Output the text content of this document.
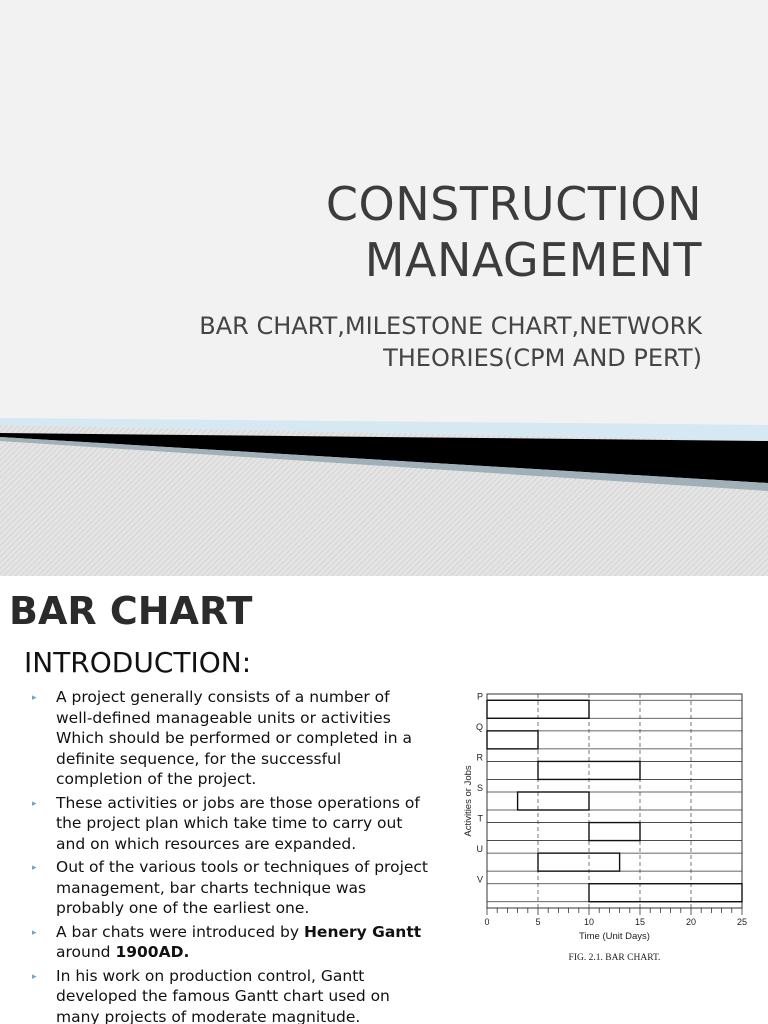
CONSTRUCTION
MANAGEMENT
BAR CHART,MILESTONE CHART,NETWORK
THEORIES(CPM AND PERT)
BAR CHART
INTRODUCTION:
▸ A project generally consists of a number of well-defined manageable units or activities Which should be performed or completed in a definite sequence, for the successful completion of the project.
▸ These activities or jobs are those operations of the project plan which take time to carry out and on which resources are expanded.
▸ Out of the various tools or techniques of project management, bar charts technique was probably one of the earliest one.
▸ A bar chats were introduced by Henery Gantt around 1900AD.
▸ In his work on production control, Gantt developed the famous Gantt chart used on many projects of moderate magnitude.
P
Q
R
S
T
U
V
0	5	10	15	20	25
Time (Unit Days)
Activities or Jobs
FIG. 2.1. BAR CHART.
